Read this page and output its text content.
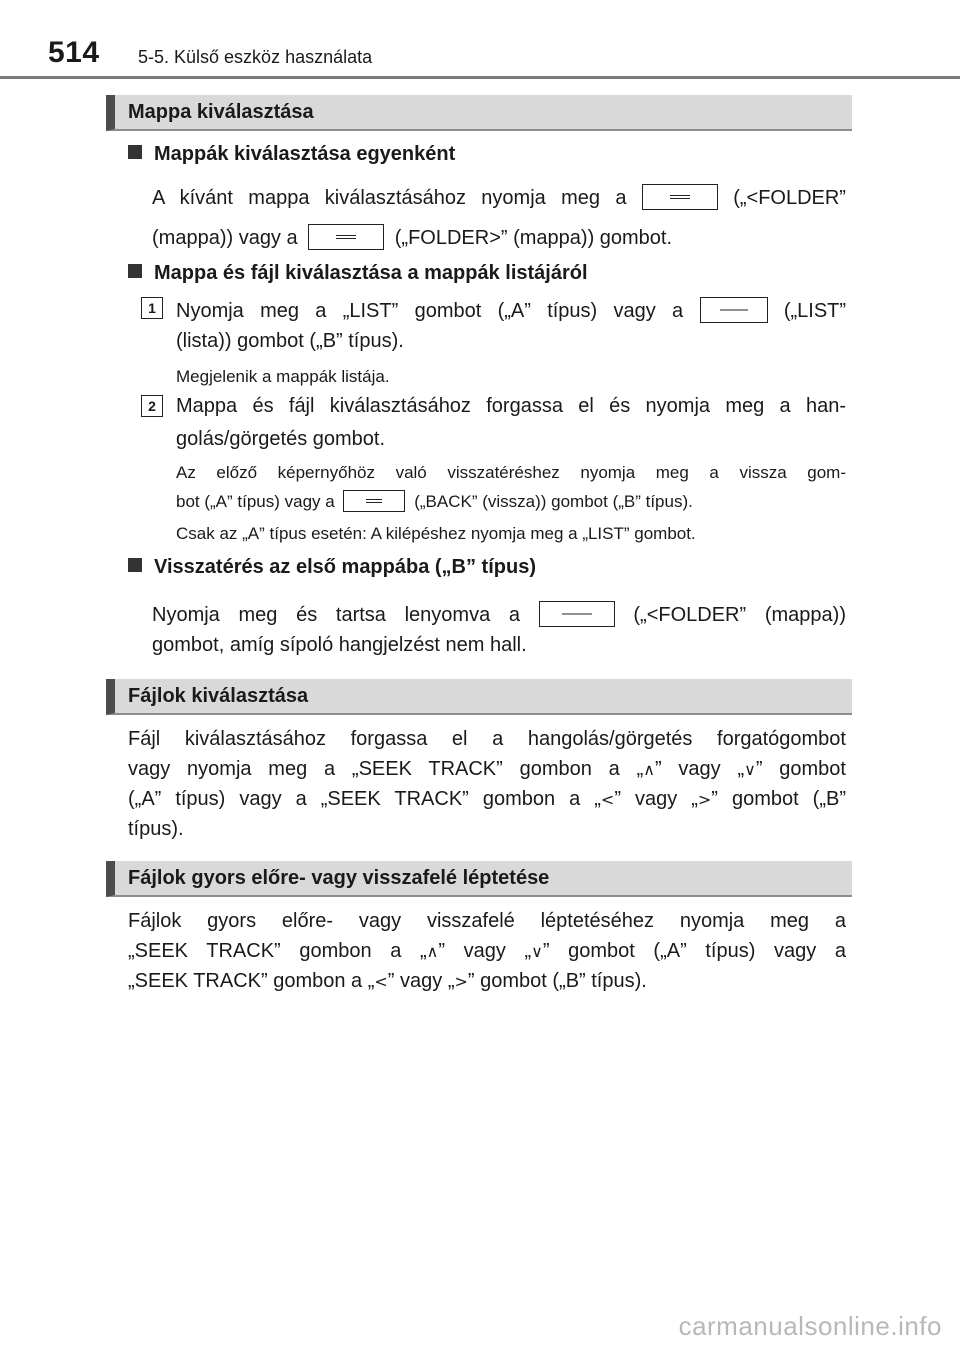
514 5-5. Külső eszköz használata
Mappa kiválasztása
Mappák kiválasztása egyenként
A kívánt mappa kiválasztásához nyomja meg a	(„<FOLDER”
(mappa)) vagy a	(„FOLDER>” (mappa)) gombot.
Mappa és fájl kiválasztása a mappák listájáról
1	Nyomja meg a „LIST” gombot („A” típus) vagy a	(„LIST”
(lista)) gombot („B” típus).
Megjelenik a mappák listája.
2	Mappa és fájl kiválasztásához forgassa el és nyomja meg a han-
golás/görgetés gombot.
Az előző képernyőhöz való visszatéréshez nyomja meg a vissza gom-
bot („A” típus) vagy a	(„BACK” (vissza)) gombot („B” típus).
Csak az „A” típus esetén: A kilépéshez nyomja meg a „LIST” gombot.
Visszatérés az első mappába („B” típus)
Nyomja meg és tartsa lenyomva a	(„<FOLDER” (mappa))
gombot, amíg sípoló hangjelzést nem hall.
Fájlok kiválasztása
Fájl kiválasztásához forgassa el a hangolás/görgetés forgatógombot
vagy nyomja meg a „SEEK TRACK” gombon a „∧” vagy „∨” gombot
(„A” típus) vagy a „SEEK TRACK” gombon a „<” vagy „>” gombot („B”
típus).
Fájlok gyors előre- vagy visszafelé léptetése
Fájlok gyors előre- vagy visszafelé léptetéséhez nyomja meg a
„SEEK TRACK” gombon a „∧” vagy „∨” gombot („A” típus) vagy a
„SEEK TRACK” gombon a „<” vagy „>” gombot („B” típus).
carmanualsonline.info
